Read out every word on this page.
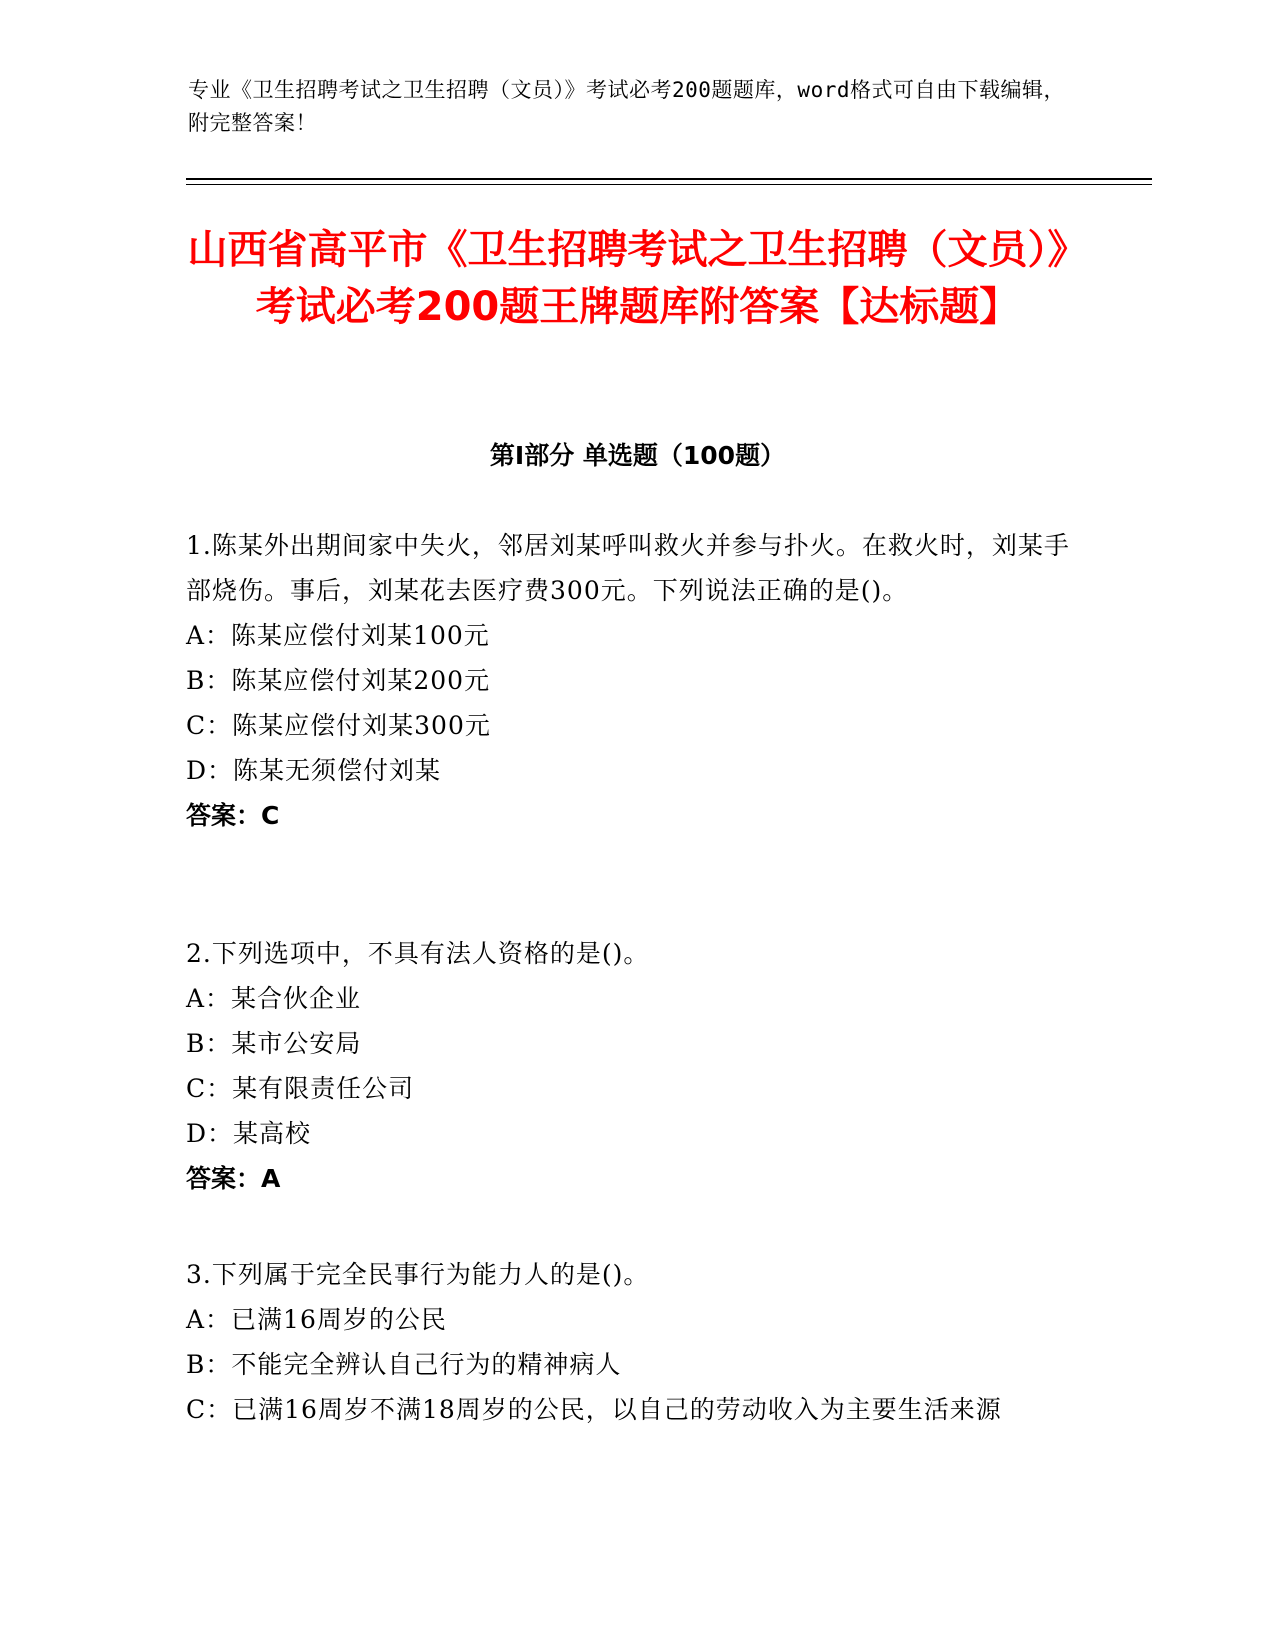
专业《卫生招聘考试之卫生招聘（文员）》考试必考200题题库，word格式可自由下载编辑，附完整答案！
山西省高平市《卫生招聘考试之卫生招聘（文员）》考试必考200题王牌题库附答案【达标题】
第I部分 单选题（100题）
1.陈某外出期间家中失火，邻居刘某呼叫救火并参与扑火。在救火时，刘某手部烧伤。事后，刘某花去医疗费300元。下列说法正确的是()。
A：陈某应偿付刘某100元
B：陈某应偿付刘某200元
C：陈某应偿付刘某300元
D：陈某无须偿付刘某
答案：C
2.下列选项中，不具有法人资格的是()。
A：某合伙企业
B：某市公安局
C：某有限责任公司
D：某高校
答案：A
3.下列属于完全民事行为能力人的是()。
A：已满16周岁的公民
B：不能完全辨认自己行为的精神病人
C：已满16周岁不满18周岁的公民，以自己的劳动收入为主要生活来源
